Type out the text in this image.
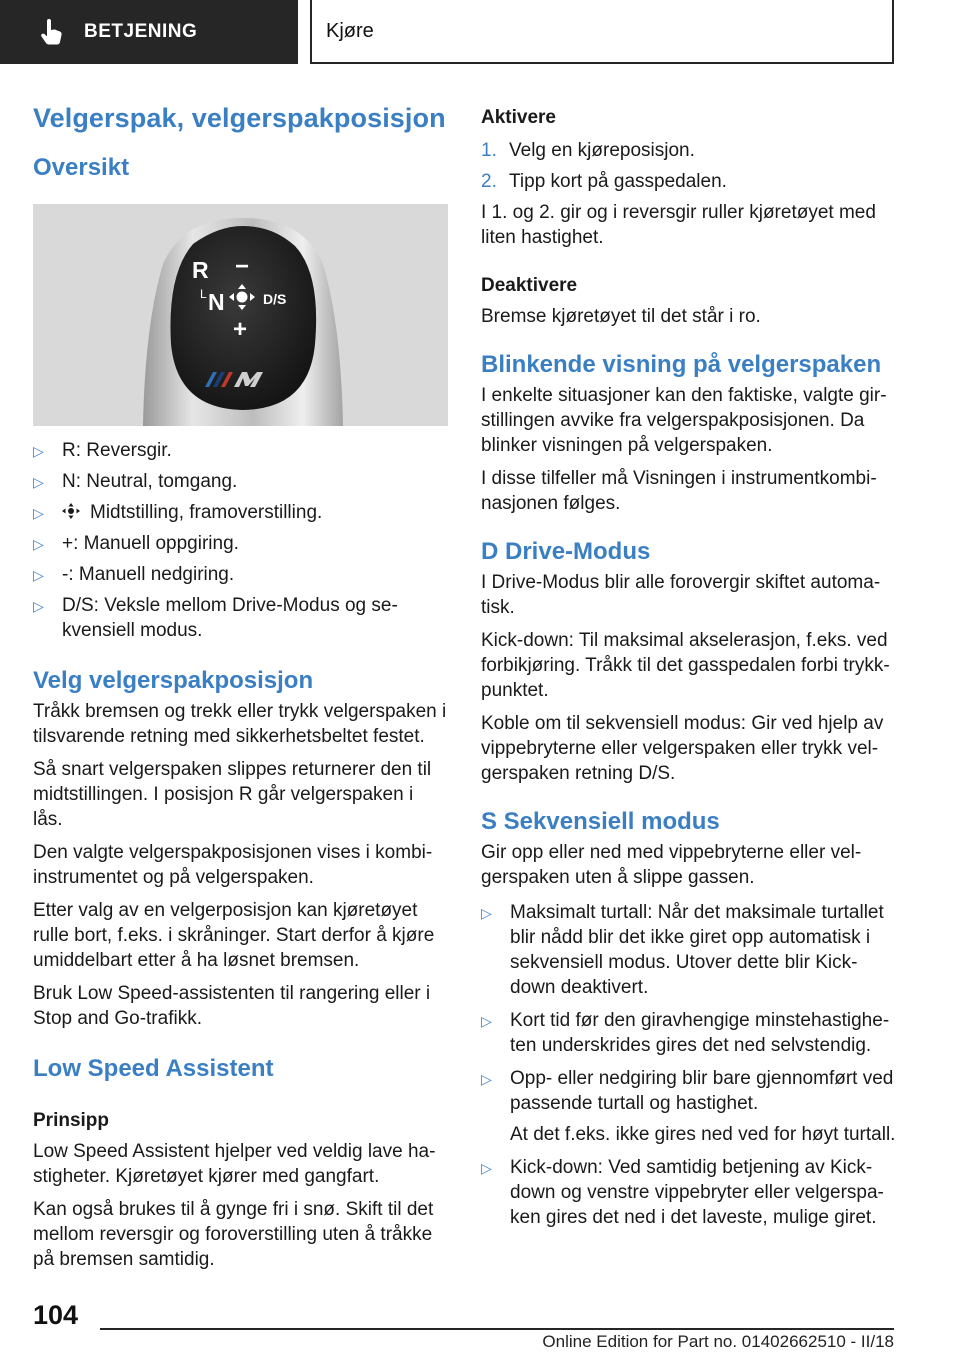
BETJENING	Kjøre
Velgerspak, velgerspakposisjon
Oversikt
R −
L N	D/S
+
▷ R: Reversgir.
▷ N: Neutral, tomgang.
▷ Midtstilling, framoverstilling.
▷ +: Manuell oppgiring.
▷ -: Manuell nedgiring.
▷ D/S: Veksle mellom Drive-Modus og sekvensiell modus.
Velg velgerspakposisjon

Tråkk bremsen og trekk eller trykk velgerspaken i tilsvarende retning med sikkerhetsbeltet festet.

Så snart velgerspaken slippes returnerer den til midtstillingen. I posisjon R går velgerspaken i lås.

Den valgte velgerspakposisjonen vises i kombiinstrumentet og på velgerspaken.

Etter valg av en velgerposisjon kan kjøretøyet rulle bort, f.eks. i skråninger. Start derfor å kjøre umiddelbart etter å ha løsnet bremsen.

Bruk Low Speed-assistenten til rangering eller i Stop and Go-trafikk.

Low Speed Assistent
Prinsipp

Low Speed Assistent hjelper ved veldig lave hastigheter. Kjøretøyet kjører med gangfart.

Kan også brukes til å gynge fri i snø. Skift til det mellom reversgir og foroverstilling uten å tråkke på bremsen samtidig.

Aktivere
1. Velg en kjøreposisjon.
2. Tipp kort på gasspedalen.

I 1. og 2. gir og i reversgir ruller kjøretøyet med liten hastighet.

Deaktivere

Bremse kjøretøyet til det står i ro.

Blinkende visning på velgerspaken

I enkelte situasjoner kan den faktiske, valgte girstillingen avvike fra velgerspakposisjonen. Da blinker visningen på velgerspaken.

I disse tilfeller må Visningen i instrumentkombinasjonen følges.

D Drive-Modus

I Drive-Modus blir alle forovergir skiftet automatisk.

Kick-down: Til maksimal akselerasjon, f.eks. ved forbikjøring. Tråkk til det gasspedalen forbi trykkpunktet.

Koble om til sekvensiell modus: Gir ved hjelp av vippebryterne eller velgerspaken eller trykk velgerspaken retning D/S.

S Sekvensiell modus

Gir opp eller ned med vippebryterne eller velgerspaken uten å slippe gassen.

▷ Maksimalt turtall: Når det maksimale turtallet blir nådd blir det ikke giret opp automatisk i sekvensiell modus. Utover dette blir Kick-down deaktivert.
▷ Kort tid før den giravhengige minstehastigheten underskrides gires det ned selvstendig.
▷ Opp- eller nedgiring blir bare gjennomført ved passende turtall og hastighet.
At det f.eks. ikke gires ned ved for høyt turtall.
▷ Kick-down: Ved samtidig betjening av Kick-down og venstre vippebryter eller velgerspaken gires det ned i det laveste, mulige giret.
104
Online Edition for Part no. 01402662510 - II/18
